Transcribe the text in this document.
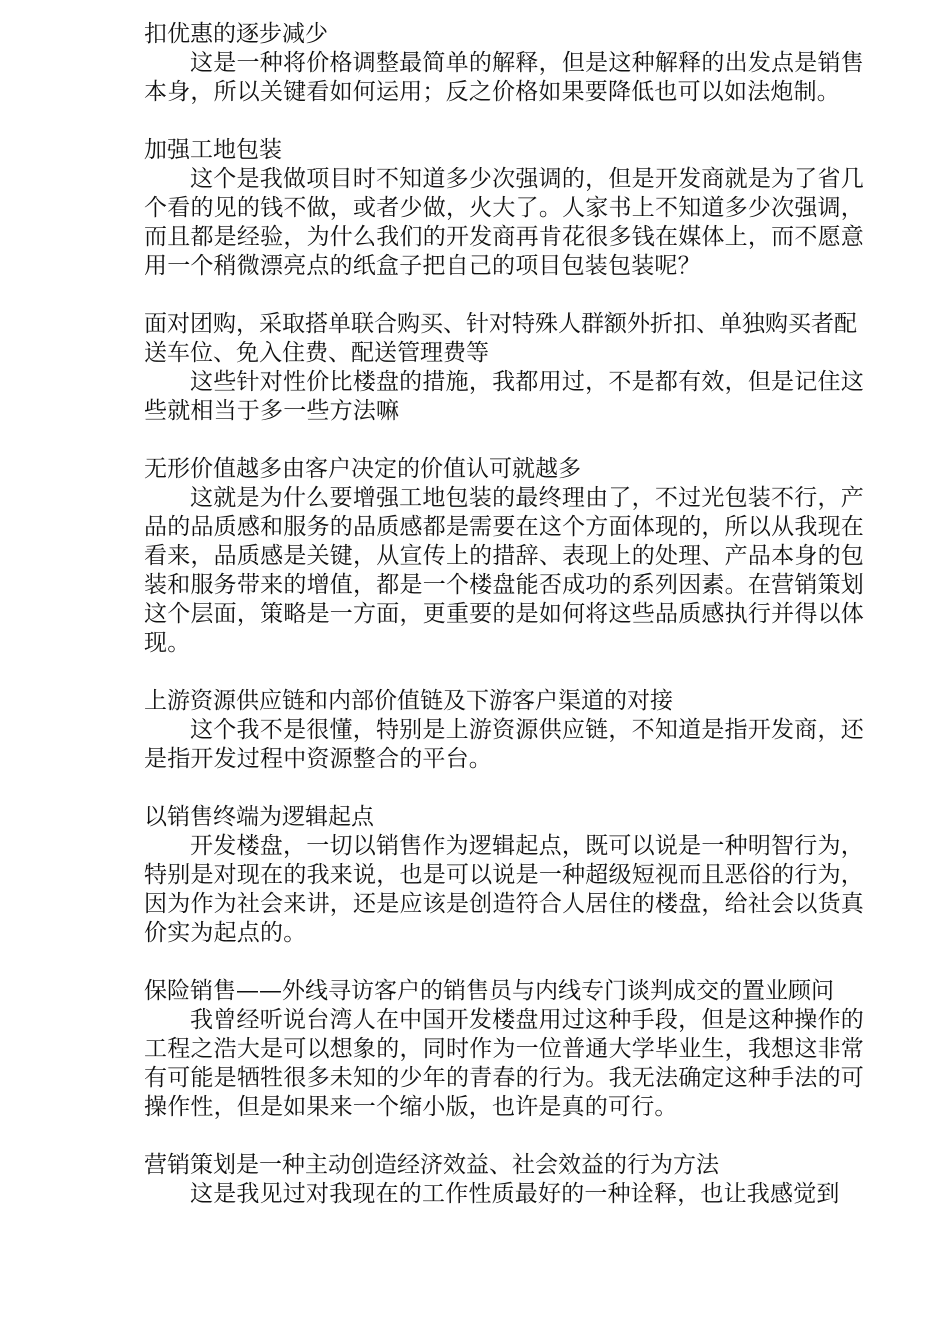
扣优惠的逐步减少

这是一种将价格调整最简单的解释，但是这种解释的出发点是销售本身，所以关键看如何运用；反之价格如果要降低也可以如法炮制。

加强工地包装

这个是我做项目时不知道多少次强调的，但是开发商就是为了省几个看的见的钱不做，或者少做，火大了。人家书上不知道多少次强调，而且都是经验，为什么我们的开发商再肯花很多钱在媒体上，而不愿意用一个稍微漂亮点的纸盒子把自己的项目包装包装呢？

面对团购，采取搭单联合购买、针对特殊人群额外折扣、单独购买者配送车位、免入住费、配送管理费等

这些针对性价比楼盘的措施，我都用过，不是都有效，但是记住这些就相当于多一些方法嘛

无形价值越多由客户决定的价值认可就越多

这就是为什么要增强工地包装的最终理由了，不过光包装不行，产品的品质感和服务的品质感都是需要在这个方面体现的，所以从我现在看来，品质感是关键，从宣传上的措辞、表现上的处理、产品本身的包装和服务带来的增值，都是一个楼盘能否成功的系列因素。在营销策划这个层面，策略是一方面，更重要的是如何将这些品质感执行并得以体现。

上游资源供应链和内部价值链及下游客户渠道的对接

这个我不是很懂，特别是上游资源供应链，不知道是指开发商，还是指开发过程中资源整合的平台。

以销售终端为逻辑起点

开发楼盘，一切以销售作为逻辑起点，既可以说是一种明智行为，特别是对现在的我来说，也是可以说是一种超级短视而且恶俗的行为，因为作为社会来讲，还是应该是创造符合人居住的楼盘，给社会以货真价实为起点的。

保险销售——外线寻访客户的销售员与内线专门谈判成交的置业顾问

我曾经听说台湾人在中国开发楼盘用过这种手段，但是这种操作的工程之浩大是可以想象的，同时作为一位普通大学毕业生，我想这非常有可能是牺牲很多未知的少年的青春的行为。我无法确定这种手法的可操作性，但是如果来一个缩小版，也许是真的可行。

营销策划是一种主动创造经济效益、社会效益的行为方法

这是我见过对我现在的工作性质最好的一种诠释，也让我感觉到
